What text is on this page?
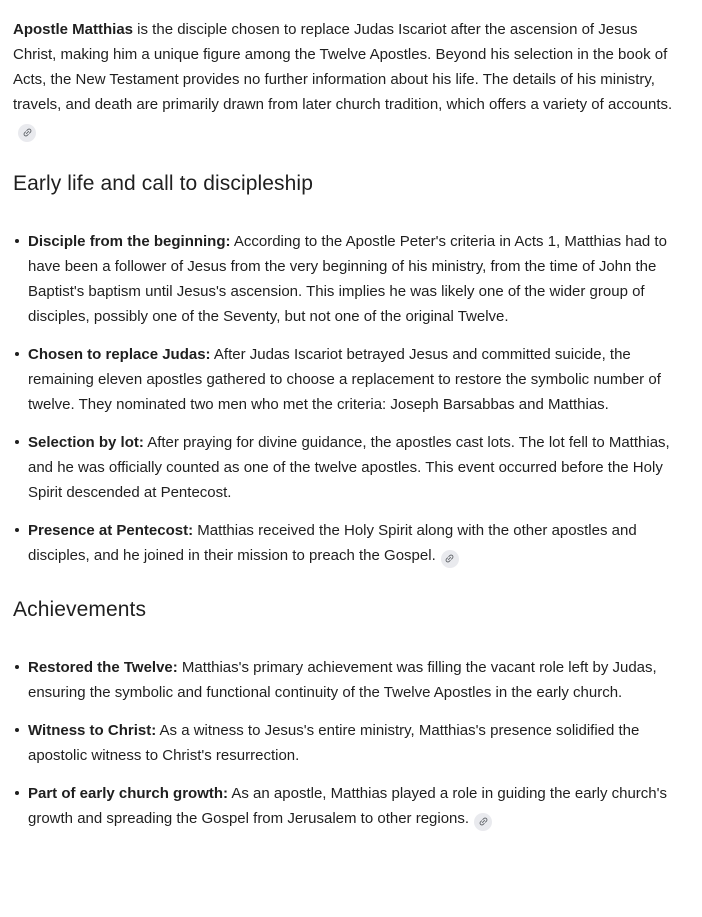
Apostle Matthias is the disciple chosen to replace Judas Iscariot after the ascension of Jesus Christ, making him a unique figure among the Twelve Apostles. Beyond his selection in the book of Acts, the New Testament provides no further information about his life. The details of his ministry, travels, and death are primarily drawn from later church tradition, which offers a variety of accounts.

Early life and call to discipleship
Disciple from the beginning: According to the Apostle Peter's criteria in Acts 1, Matthias had to have been a follower of Jesus from the very beginning of his ministry, from the time of John the Baptist's baptism until Jesus's ascension. This implies he was likely one of the wider group of disciples, possibly one of the Seventy, but not one of the original Twelve.
Chosen to replace Judas: After Judas Iscariot betrayed Jesus and committed suicide, the remaining eleven apostles gathered to choose a replacement to restore the symbolic number of twelve. They nominated two men who met the criteria: Joseph Barsabbas and Matthias.
Selection by lot: After praying for divine guidance, the apostles cast lots. The lot fell to Matthias, and he was officially counted as one of the twelve apostles. This event occurred before the Holy Spirit descended at Pentecost.
Presence at Pentecost: Matthias received the Holy Spirit along with the other apostles and disciples, and he joined in their mission to preach the Gospel.
Achievements
Restored the Twelve: Matthias's primary achievement was filling the vacant role left by Judas, ensuring the symbolic and functional continuity of the Twelve Apostles in the early church.
Witness to Christ: As a witness to Jesus's entire ministry, Matthias's presence solidified the apostolic witness to Christ's resurrection.
Part of early church growth: As an apostle, Matthias played a role in guiding the early church's growth and spreading the Gospel from Jerusalem to other regions.
